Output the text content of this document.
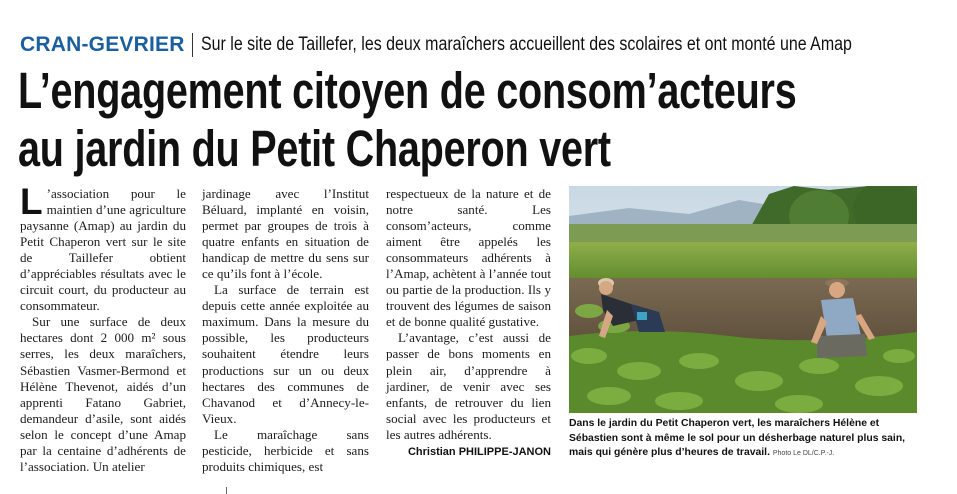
CRAN-GEVRIER Sur le site de Taillefer, les deux maraîchers accueillent des scolaires et ont monté une Amap
L’engagement citoyen de consom’acteurs
au jardin du Petit Chaperon vert

L ’association pour le maintien d’une agriculture paysanne (Amap) au jardin du Petit Chaperon vert sur le site de Taillefer obtient d’appréciables résultats avec le circuit court, du producteur au consommateur.

Sur une surface de deux hectares dont 2 000 m² sous serres, les deux maraîchers, Sébastien Vasmer-Bermond et Hélène Thevenot, aidés d’un apprenti Fatano Gabriet, demandeur d’asile, sont aidés selon le concept d’une Amap par la centaine d’adhérents de l’association. Un atelier

jardinage avec l’Institut Béluard, implanté en voisin, permet par groupes de trois à quatre enfants en situation de handicap de mettre du sens sur ce qu’ils font à l’école.

La surface de terrain est depuis cette année exploitée au maximum. Dans la mesure du possible, les producteurs souhaitent étendre leurs productions sur un ou deux hectares des communes de Chavanod et d’Annecy-le-Vieux.

Le maraîchage sans pesticide, herbicide et sans produits chimiques, est

respectueux de la nature et de notre santé. Les consom’acteurs, comme aiment être appelés les consommateurs adhérents à l’Amap, achètent à l’année tout ou partie de la production. Ils y trouvent des légumes de saison et de bonne qualité gustative.

L’avantage, c’est aussi de passer de bons moments en plein air, d’apprendre à jardiner, de venir avec ses enfants, de retrouver du lien social avec les producteurs et les autres adhérents.

Christian PHILIPPE-JANON
Dans le jardin du Petit Chaperon vert, les maraîchers Hélène et Sébastien sont à même le sol pour un désherbage naturel plus sain, mais qui génère plus d’heures de travail. Photo Le DL/C.P.-J.
